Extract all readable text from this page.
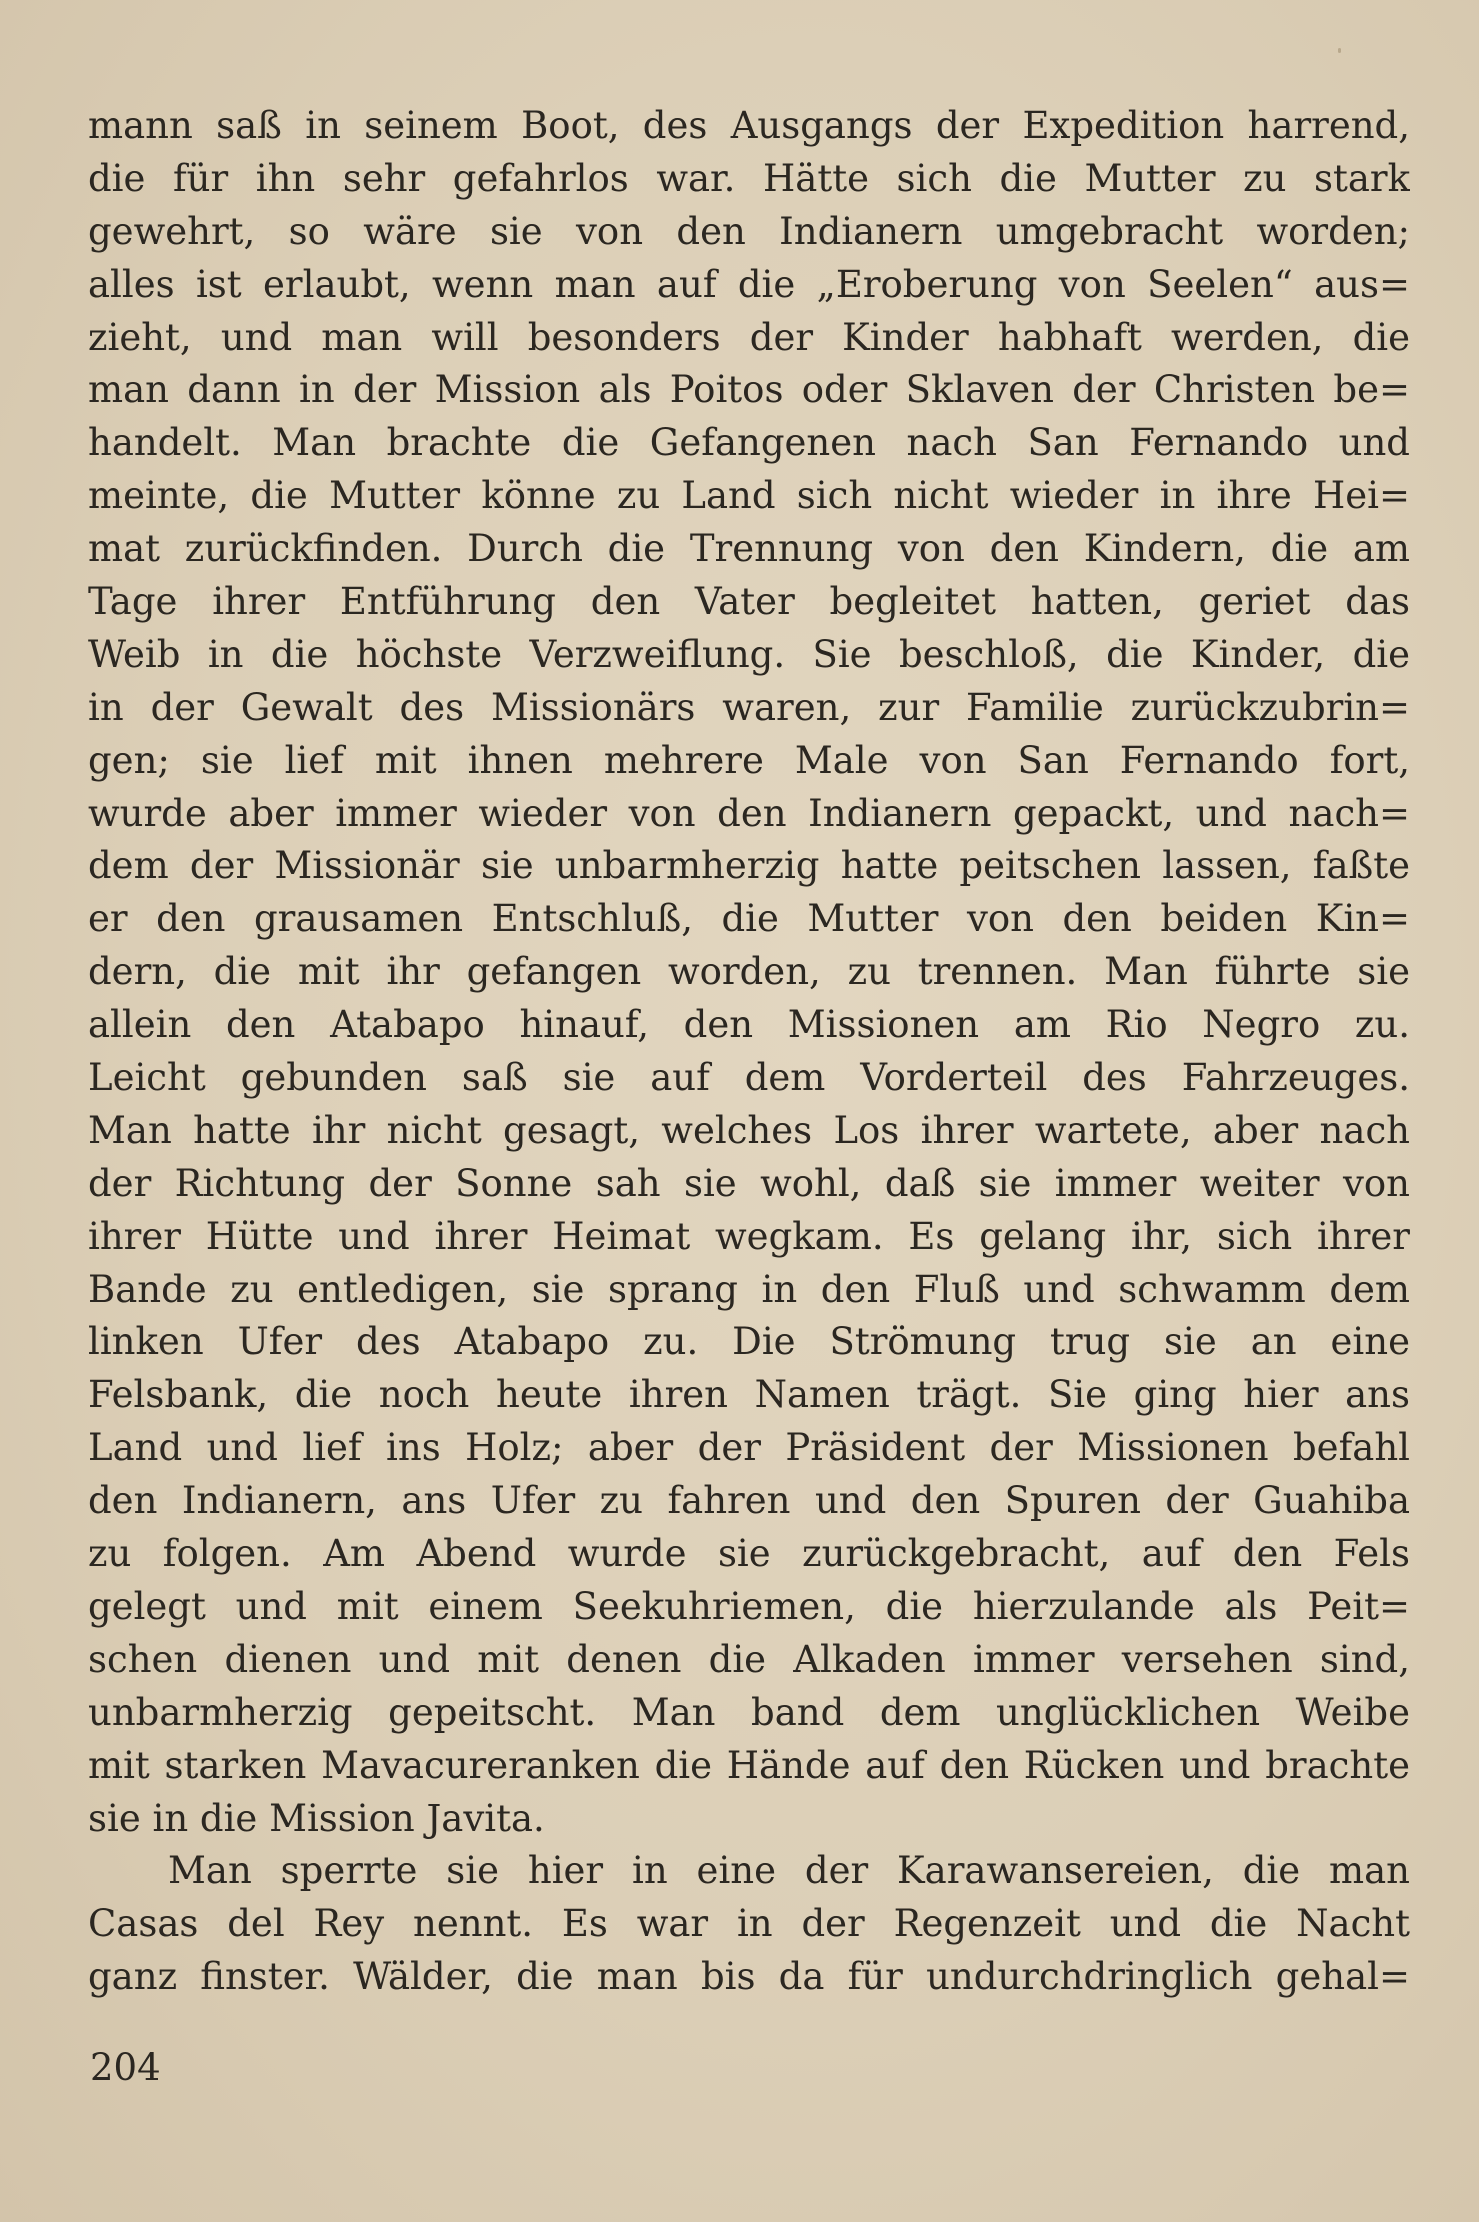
mann saß in seinem Boot, des Ausgangs der Expedition harrend,
die für ihn sehr gefahrlos war. Hätte sich die Mutter zu stark
gewehrt, so wäre sie von den Indianern umgebracht worden;
alles ist erlaubt, wenn man auf die „Eroberung von Seelen“ aus=
zieht, und man will besonders der Kinder habhaft werden, die
man dann in der Mission als Poitos oder Sklaven der Christen be=
handelt. Man brachte die Gefangenen nach San Fernando und
meinte, die Mutter könne zu Land sich nicht wieder in ihre Hei=
mat zurückfinden. Durch die Trennung von den Kindern, die am
Tage ihrer Entführung den Vater begleitet hatten, geriet das
Weib in die höchste Verzweiflung. Sie beschloß, die Kinder, die
in der Gewalt des Missionärs waren, zur Familie zurückzubrin=
gen; sie lief mit ihnen mehrere Male von San Fernando fort,
wurde aber immer wieder von den Indianern gepackt, und nach=
dem der Missionär sie unbarmherzig hatte peitschen lassen, faßte
er den grausamen Entschluß, die Mutter von den beiden Kin=
dern, die mit ihr gefangen worden, zu trennen. Man führte sie
allein den Atabapo hinauf, den Missionen am Rio Negro zu.
Leicht gebunden saß sie auf dem Vorderteil des Fahrzeuges.
Man hatte ihr nicht gesagt, welches Los ihrer wartete, aber nach
der Richtung der Sonne sah sie wohl, daß sie immer weiter von
ihrer Hütte und ihrer Heimat wegkam. Es gelang ihr, sich ihrer
Bande zu entledigen, sie sprang in den Fluß und schwamm dem
linken Ufer des Atabapo zu. Die Strömung trug sie an eine
Felsbank, die noch heute ihren Namen trägt. Sie ging hier ans
Land und lief ins Holz; aber der Präsident der Missionen befahl
den Indianern, ans Ufer zu fahren und den Spuren der Guahiba
zu folgen. Am Abend wurde sie zurückgebracht, auf den Fels
gelegt und mit einem Seekuhriemen, die hierzulande als Peit=
schen dienen und mit denen die Alkaden immer versehen sind,
unbarmherzig gepeitscht. Man band dem unglücklichen Weibe
mit starken Mavacureranken die Hände auf den Rücken und brachte
sie in die Mission Javita.
Man sperrte sie hier in eine der Karawansereien, die man
Casas del Rey nennt. Es war in der Regenzeit und die Nacht
ganz finster. Wälder, die man bis da für undurchdringlich gehal=
204
